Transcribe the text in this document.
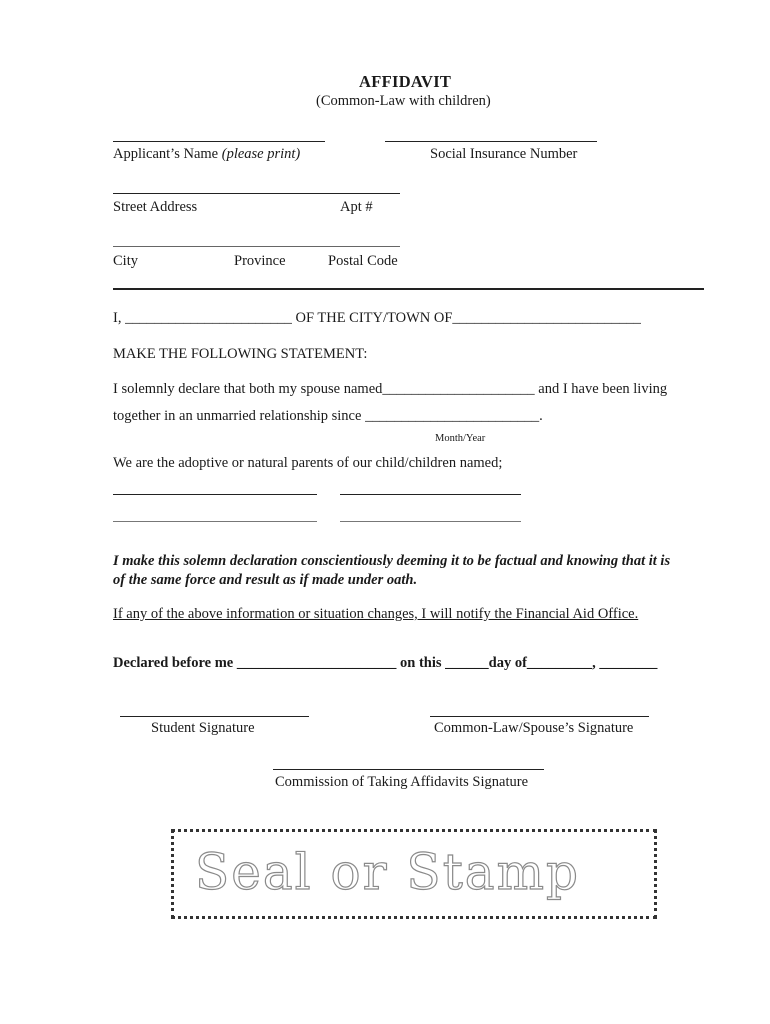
AFFIDAVIT
(Common-Law with children)
Applicant’s Name (please print)	Social Insurance Number
Street Address	Apt #
City	Province	Postal Code
I, _______________________ OF THE CITY/TOWN OF__________________________
MAKE THE FOLLOWING STATEMENT:
I solemnly declare that both my spouse named_____________________ and I have been living
together in an unmarried relationship since ________________________.
Month/Year
We are the adoptive or natural parents of our child/children named;
I make this solemn declaration conscientiously deeming it to be factual and knowing that it is
of the same force and result as if made under oath.
If any of the above information or situation changes, I will notify the Financial Aid Office.
Declared before me ______________________ on this ______day of_________, ________
Student Signature	Common-Law/Spouse’s Signature
Commission of Taking Affidavits Signature
Seal or Stamp
